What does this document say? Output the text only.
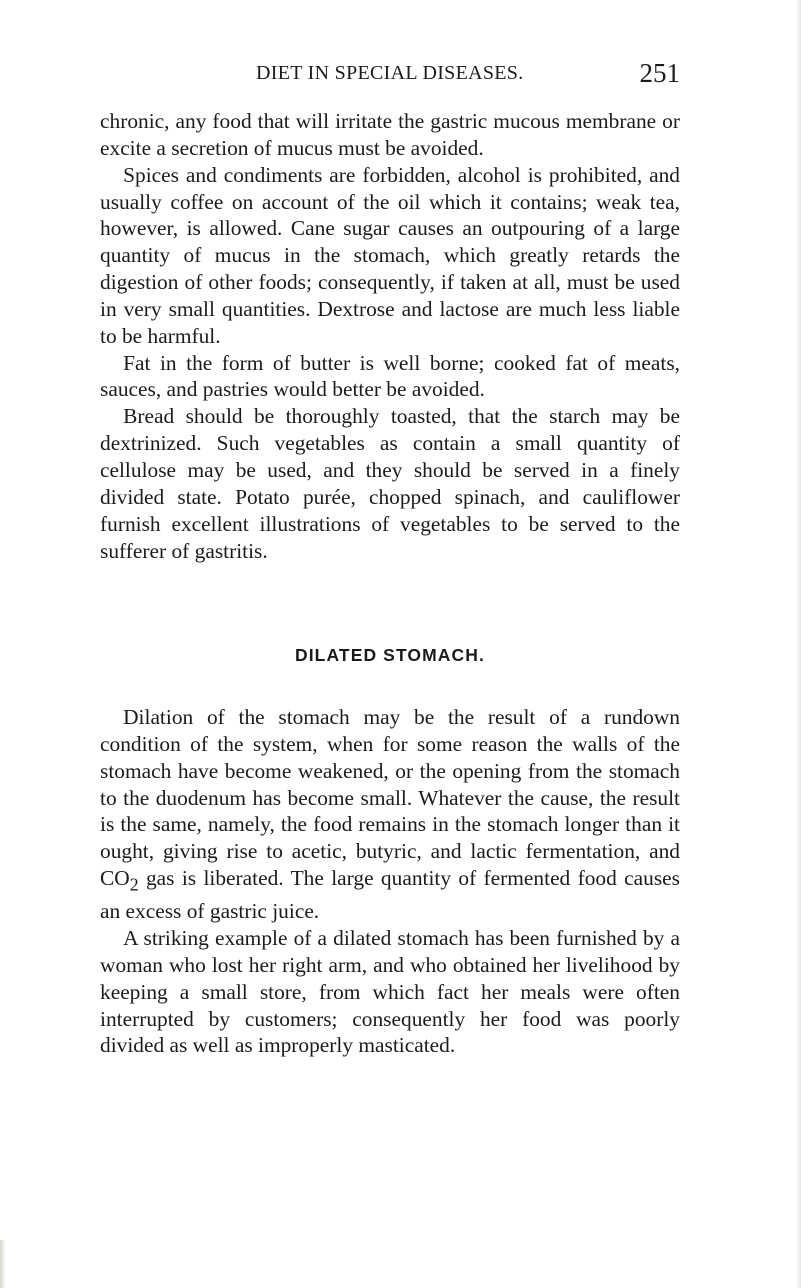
DIET IN SPECIAL DISEASES.	251

chronic, any food that will irritate the gastric mucous membrane or excite a secretion of mucus must be avoided.

Spices and condiments are forbidden, alcohol is prohibited, and usually coffee on account of the oil which it contains; weak tea, however, is allowed. Cane sugar causes an outpouring of a large quantity of mucus in the stomach, which greatly retards the digestion of other foods; consequently, if taken at all, must be used in very small quantities. Dextrose and lactose are much less liable to be harmful.

Fat in the form of butter is well borne; cooked fat of meats, sauces, and pastries would better be avoided.

Bread should be thoroughly toasted, that the starch may be dextrinized. Such vegetables as contain a small quantity of cellulose may be used, and they should be served in a finely divided state. Potato purée, chopped spinach, and cauliflower furnish excellent illustrations of vegetables to be served to the sufferer of gastritis.

DILATED STOMACH.

Dilation of the stomach may be the result of a rundown condition of the system, when for some reason the walls of the stomach have become weakened, or the opening from the stomach to the duodenum has become small. Whatever the cause, the result is the same, namely, the food remains in the stomach longer than it ought, giving rise to acetic, butyric, and lactic fermentation, and $CO_2$ gas is liberated. The large quantity of fermented food causes an excess of gastric juice.

A striking example of a dilated stomach has been furnished by a woman who lost her right arm, and who obtained her livelihood by keeping a small store, from which fact her meals were often interrupted by customers; consequently her food was poorly divided as well as improperly masticated.
